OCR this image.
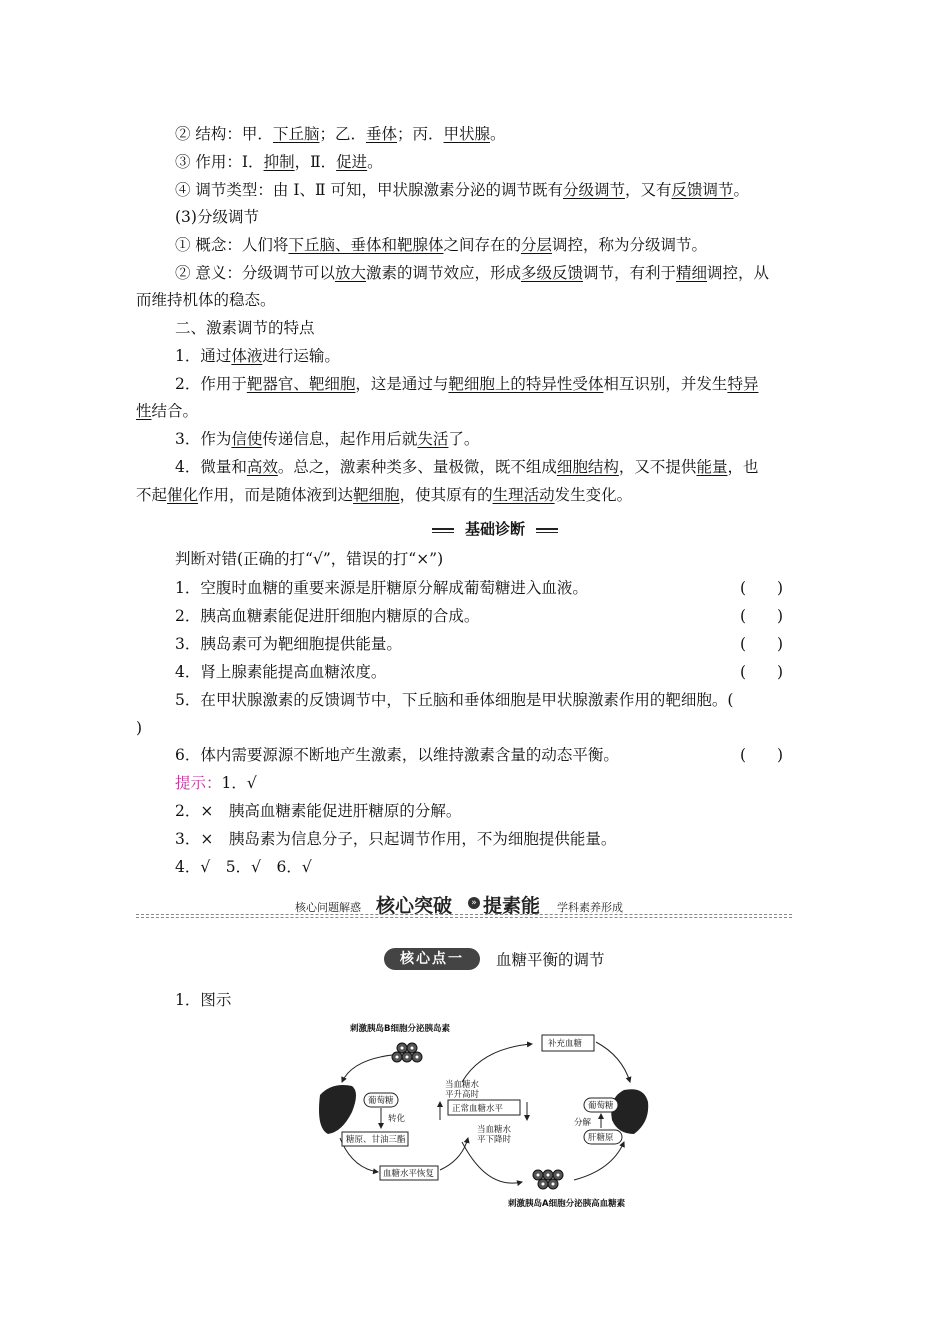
② 结构：甲．下丘脑；乙．垂体；丙．甲状腺。
③ 作用：Ⅰ．抑制，Ⅱ．促进。
④ 调节类型：由 Ⅰ、Ⅱ 可知，甲状腺激素分泌的调节既有分级调节，又有反馈调节。
(3)分级调节
① 概念：人们将下丘脑、垂体和靶腺体之间存在的分层调控，称为分级调节。
② 意义：分级调节可以放大激素的调节效应，形成多级反馈调节，有利于精细调控，从
而维持机体的稳态。
二、激素调节的特点
1．通过体液进行运输。
2．作用于靶器官、靶细胞，这是通过与靶细胞上的特异性受体相互识别，并发生特异
性结合。
3．作为信使传递信息，起作用后就失活了。
4．微量和高效。总之，激素种类多、量极微，既不组成细胞结构，又不提供能量，也
不起催化作用，而是随体液到达靶细胞，使其原有的生理活动发生变化。
基础诊断
判断对错(正确的打“√”，错误的打“×”)
1．空腹时血糖的重要来源是肝糖原分解成葡萄糖进入血液。	(　　)
2．胰高血糖素能促进肝细胞内糖原的合成。	(　　)
3．胰岛素可为靶细胞提供能量。	(　　)
4．肾上腺素能提高血糖浓度。	(　　)
5．在甲状腺激素的反馈调节中，下丘脑和垂体细胞是甲状腺激素作用的靶细胞。(
)
6．体内需要源源不断地产生激素，以维持激素含量的动态平衡。	(　　)
提示：1．√
2．×　胰高血糖素能促进肝糖原的分解。
3．×　胰岛素为信息分子，只起调节作用，不为细胞提供能量。
4．√　5．√　6．√
核心问题解惑 核心突破	» 提素能 学科素养形成
核心点一	血糖平衡的调节
1．图示
刺激胰岛B细胞分泌胰岛素
葡萄糖
转化
糖原、甘油三酯
血糖水平恢复
当血糖水
平升高时
正常血糖水平
当血糖水
平下降时
补充血糖
葡萄糖
分解
肝糖原
刺激胰岛A细胞分泌胰高血糖素
